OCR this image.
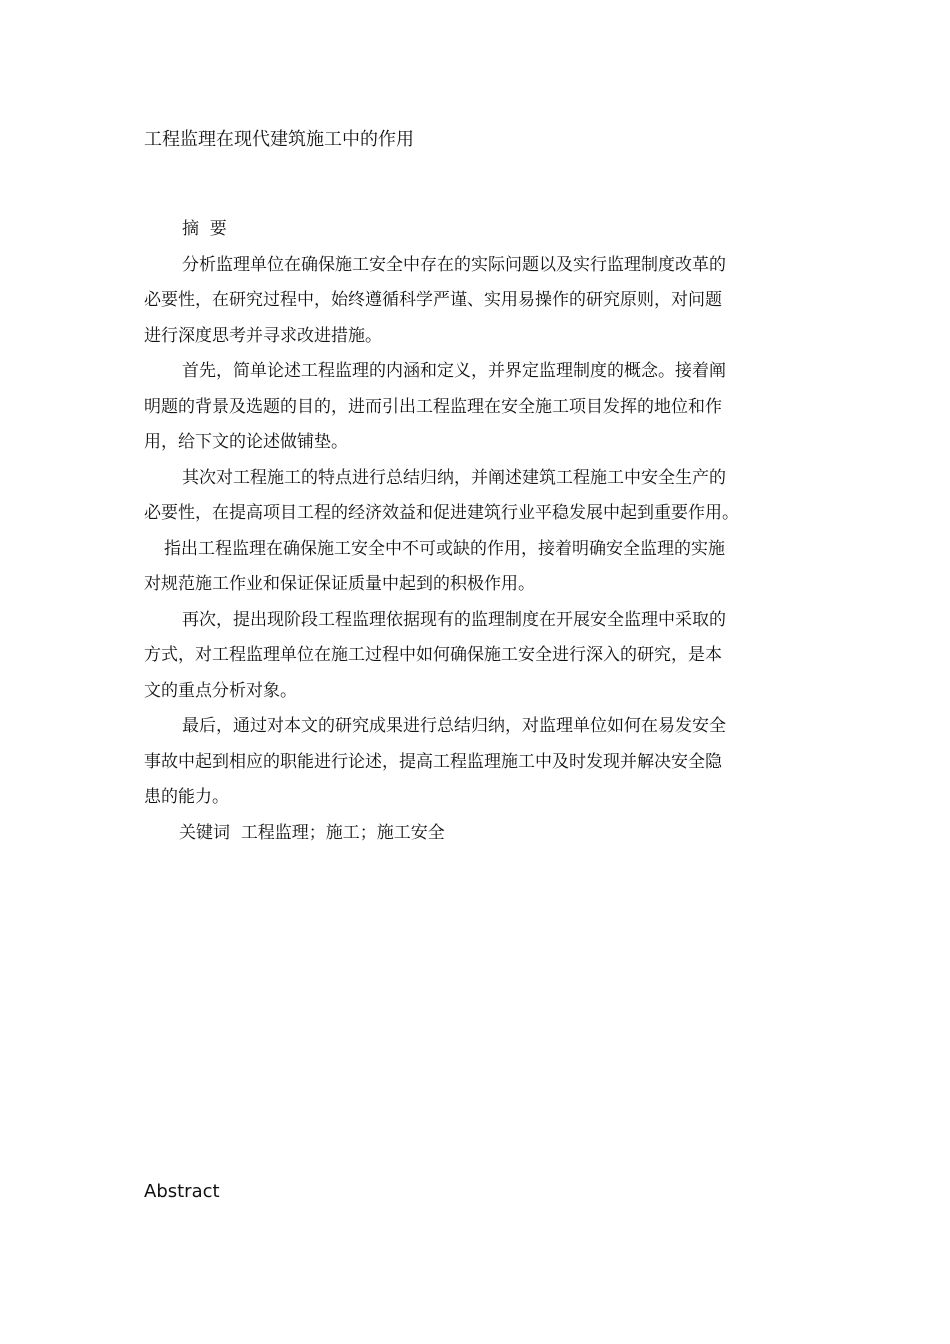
工程监理在现代建筑施工中的作用
摘  要
分析监理单位在确保施工安全中存在的实际问题以及实行监理制度改革的
必要性，在研究过程中，始终遵循科学严谨、实用易操作的研究原则，对问题
进行深度思考并寻求改进措施。
首先，简单论述工程监理的内涵和定义，并界定监理制度的概念。接着阐
明题的背景及选题的目的，进而引出工程监理在安全施工项目发挥的地位和作
用，给下文的论述做铺垫。
其次对工程施工的特点进行总结归纳，并阐述建筑工程施工中安全生产的
必要性，在提高项目工程的经济效益和促进建筑行业平稳发展中起到重要作用。
指出工程监理在确保施工安全中不可或缺的作用，接着明确安全监理的实施
对规范施工作业和保证保证质量中起到的积极作用。
再次，提出现阶段工程监理依据现有的监理制度在开展安全监理中采取的
方式，对工程监理单位在施工过程中如何确保施工安全进行深入的研究，是本
文的重点分析对象。
最后，通过对本文的研究成果进行总结归纳，对监理单位如何在易发安全
事故中起到相应的职能进行论述，提高工程监理施工中及时发现并解决安全隐
患的能力。
关键词 工程监理；施工；施工安全
Abstract
